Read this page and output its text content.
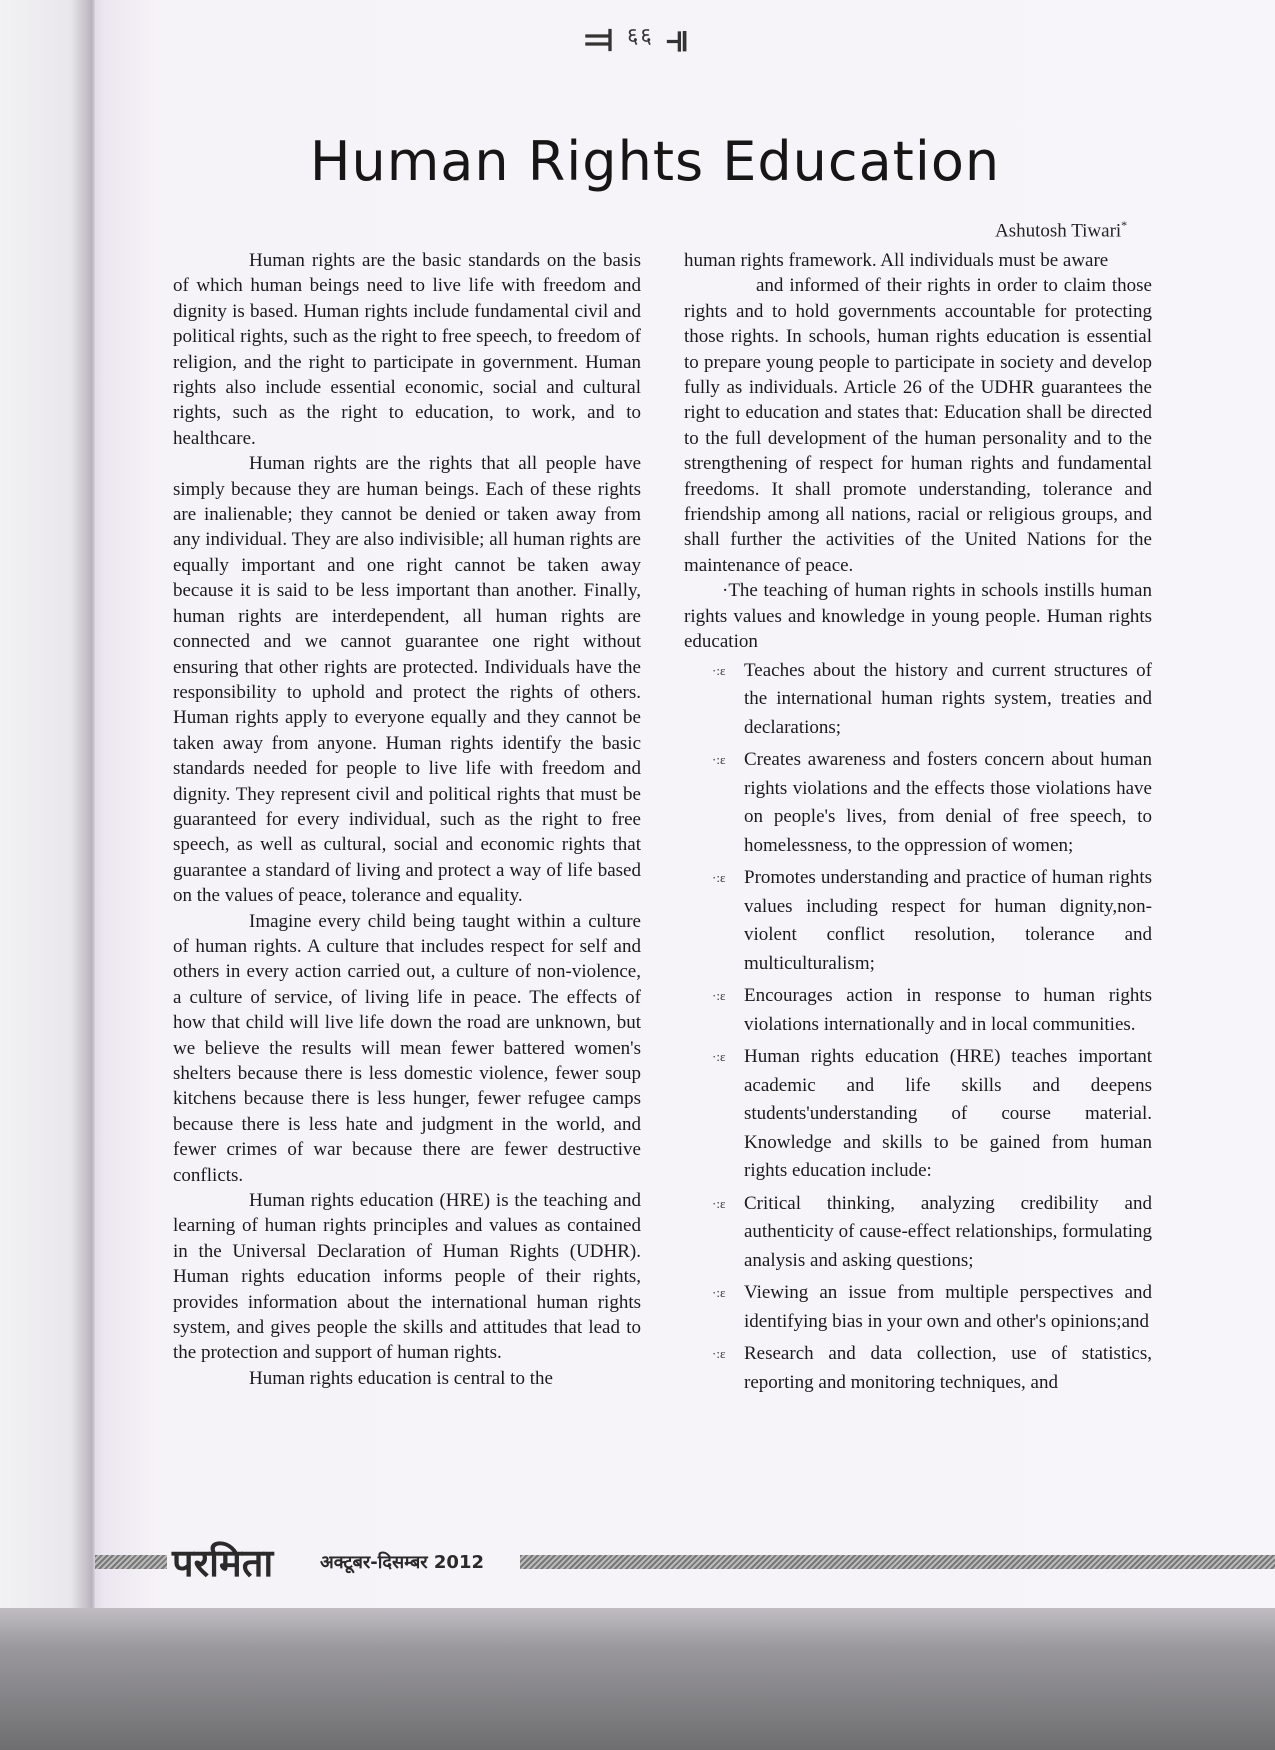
⫤ $^{६६}$ ⫣
Human Rights Education
Ashutosh Tiwari*

Human rights are the basic standards on the basis of which human beings need to live life with freedom and dignity is based. Human rights include fundamental civil and political rights, such as the right to free speech, to freedom of religion, and the right to participate in government. Human rights also include essential economic, social and cultural rights, such as the right to education, to work, and to healthcare.

Human rights are the rights that all people have simply because they are human beings. Each of these rights are inalienable; they cannot be denied or taken away from any individual. They are also indivisible; all human rights are equally important and one right cannot be taken away because it is said to be less important than another. Finally, human rights are interdependent, all human rights are connected and we cannot guarantee one right without ensuring that other rights are protected. Individuals have the responsibility to uphold and protect the rights of others. Human rights apply to everyone equally and they cannot be taken away from anyone. Human rights identify the basic standards needed for people to live life with freedom and dignity. They represent civil and political rights that must be guaranteed for every individual, such as the right to free speech, as well as cultural, social and economic rights that guarantee a standard of living and protect a way of life based on the values of peace, tolerance and equality.

Imagine every child being taught within a culture of human rights. A culture that includes respect for self and others in every action carried out, a culture of non-violence, a culture of service, of living life in peace. The effects of how that child will live life down the road are unknown, but we believe the results will mean fewer battered women's shelters because there is less domestic violence, fewer soup kitchens because there is less hunger, fewer refugee camps because there is less hate and judgment in the world, and fewer crimes of war because there are fewer destructive conflicts.

Human rights education (HRE) is the teaching and learning of human rights principles and values as contained in the Universal Declaration of Human Rights (UDHR). Human rights education informs people of their rights, provides information about the international human rights system, and gives people the skills and attitudes that lead to the protection and support of human rights.

Human rights education is central to the

human rights framework. All individuals must be aware

and informed of their rights in order to claim those rights and to hold governments accountable for protecting those rights. In schools, human rights education is essential to prepare young people to participate in society and develop fully as individuals. Article 26 of the UDHR guarantees the right to education and states that: Education shall be directed to the full development of the human personality and to the strengthening of respect for human rights and fundamental freedoms. It shall promote understanding, tolerance and friendship among all nations, racial or religious groups, and shall further the activities of the United Nations for the maintenance of peace.

·The teaching of human rights in schools instills human rights values and knowledge in young people. Human rights education

·:ε Teaches about the history and current structures of the international human rights system, treaties and declarations;
·:ε Creates awareness and fosters concern about human rights violations and the effects those violations have on people's lives, from denial of free speech, to homelessness, to the oppression of women;
·:ε Promotes understanding and practice of human rights values including respect for human dignity,non-violent conflict resolution, tolerance and multiculturalism;
·:ε Encourages action in response to human rights violations internationally and in local communities.
·:ε Human rights education (HRE) teaches important academic and life skills and deepens students'understanding of course material. Knowledge and skills to be gained from human rights education include:
·:ε Critical thinking, analyzing credibility and authenticity of cause-effect relationships, formulating analysis and asking questions;
·:ε Viewing an issue from multiple perspectives and identifying bias in your own and other's opinions;and
·:ε Research and data collection, use of statistics, reporting and monitoring techniques, and
परमिता	अक्टूबर-दिसम्बर 2012
